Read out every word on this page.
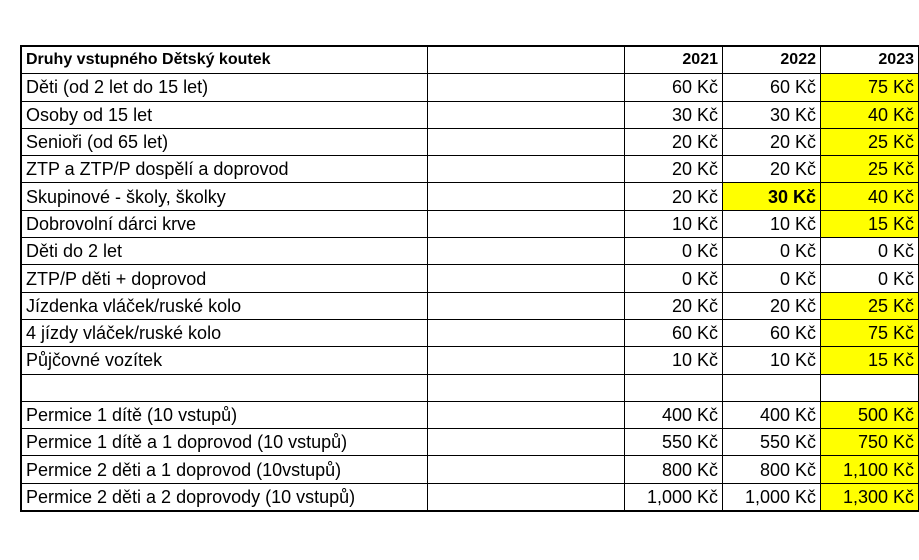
Druhy vstupného Dětský koutek		2021	2022	2023
Děti (od 2 let do 15 let)		60 Kč	60 Kč	75 Kč
Osoby od 15 let		30 Kč	30 Kč	40 Kč
Senioři (od 65 let)		20 Kč	20 Kč	25 Kč
ZTP a ZTP/P dospělí a doprovod		20 Kč	20 Kč	25 Kč
Skupinové - školy, školky		20 Kč	30 Kč	40 Kč
Dobrovolní dárci krve		10 Kč	10 Kč	15 Kč
Děti do 2 let		0 Kč	0 Kč	0 Kč
ZTP/P děti + doprovod		0 Kč	0 Kč	0 Kč
Jízdenka vláček/ruské kolo		20 Kč	20 Kč	25 Kč
4 jízdy vláček/ruské kolo		60 Kč	60 Kč	75 Kč
Půjčovné vozítek		10 Kč	10 Kč	15 Kč

Permice 1 dítě (10 vstupů)		400 Kč	400 Kč	500 Kč
Permice 1 dítě a 1 doprovod (10 vstupů)		550 Kč	550 Kč	750 Kč
Permice 2 děti a 1 doprovod (10vstupů)		800 Kč	800 Kč	1,100 Kč
Permice 2 děti a 2 doprovody (10 vstupů)		1,000 Kč	1,000 Kč	1,300 Kč
